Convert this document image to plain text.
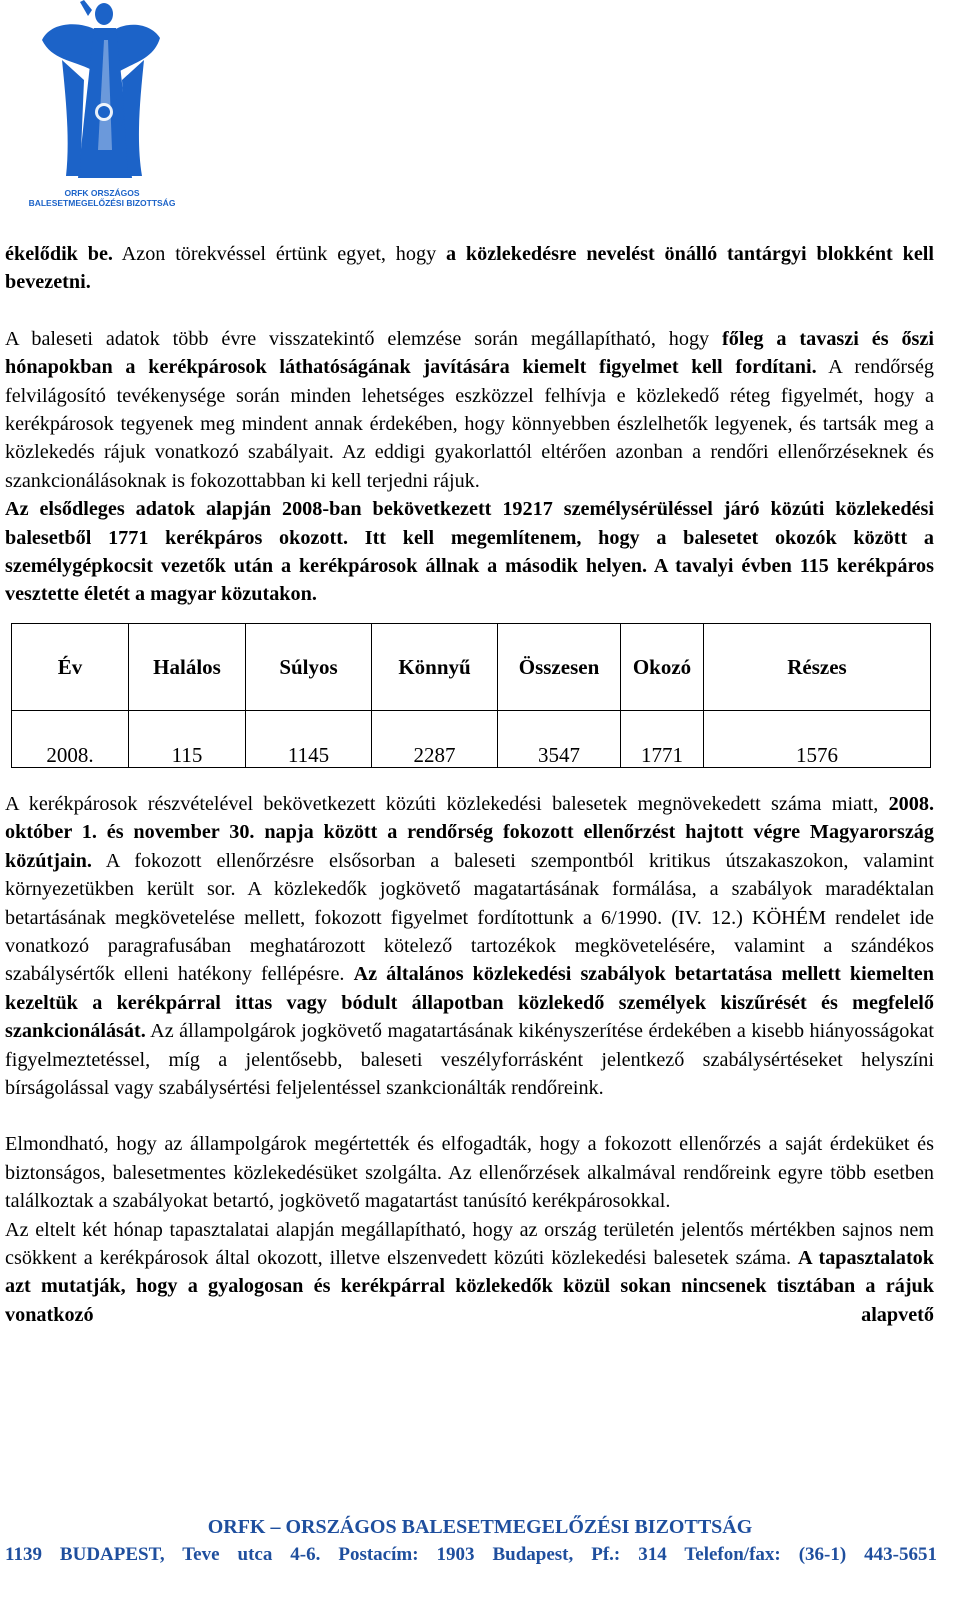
ORFK ORSZÁGOS
BALESETMEGELŐZÉSI BIZOTTSÁG

ékelődik be. Azon törekvéssel értünk egyet, hogy a közlekedésre nevelést önálló tantárgyi blokként kell bevezetni.

A baleseti adatok több évre visszatekintő elemzése során megállapítható, hogy főleg a tavaszi és őszi hónapokban a kerékpárosok láthatóságának javítására kiemelt figyelmet kell fordítani. A rendőrség felvilágosító tevékenysége során minden lehetséges eszközzel felhívja e közlekedő réteg figyelmét, hogy a kerékpárosok tegyenek meg mindent annak érdekében, hogy könnyebben észlelhetők legyenek, és tartsák meg a közlekedés rájuk vonatkozó szabályait. Az eddigi gyakorlattól eltérően azonban a rendőri ellenőrzéseknek és szankcionálásoknak is fokozottabban ki kell terjedni rájuk.

Az elsődleges adatok alapján 2008-ban bekövetkezett 19217 személysérüléssel járó közúti közlekedési balesetből 1771 kerékpáros okozott. Itt kell megemlítenem, hogy a balesetet okozók között a személygépkocsit vezetők után a kerékpárosok állnak a második helyen. A tavalyi évben 115 kerékpáros vesztette életét a magyar közutakon.

Év	Halálos	Súlyos	Könnyű	Összesen	Okozó	Részes
2008.	115	1145	2287	3547	1771	1576

A kerékpárosok részvételével bekövetkezett közúti közlekedési balesetek megnövekedett száma miatt, 2008. október 1. és november 30. napja között a rendőrség fokozott ellenőrzést hajtott végre Magyarország közútjain. A fokozott ellenőrzésre elsősorban a baleseti szempontból kritikus útszakaszokon, valamint környezetükben került sor. A közlekedők jogkövető magatartásának formálása, a szabályok maradéktalan betartásának megkövetelése mellett, fokozott figyelmet fordítottunk a 6/1990. (IV. 12.) KÖHÉM rendelet ide vonatkozó paragrafusában meghatározott kötelező tartozékok megkövetelésére, valamint a szándékos szabálysértők elleni hatékony fellépésre. Az általános közlekedési szabályok betartatása mellett kiemelten kezeltük a kerékpárral ittas vagy bódult állapotban közlekedő személyek kiszűrését és megfelelő szankcionálását. Az állampolgárok jogkövető magatartásának kikényszerítése érdekében a kisebb hiányosságokat figyelmeztetéssel, míg a jelentősebb, baleseti veszélyforrásként jelentkező szabálysértéseket helyszíni bírságolással vagy szabálysértési feljelentéssel szankcionálták rendőreink.

Elmondható, hogy az állampolgárok megértették és elfogadták, hogy a fokozott ellenőrzés a saját érdeküket és biztonságos, balesetmentes közlekedésüket szolgálta. Az ellenőrzések alkalmával rendőreink egyre több esetben találkoztak a szabályokat betartó, jogkövető magatartást tanúsító kerékpárosokkal.

Az eltelt két hónap tapasztalatai alapján megállapítható, hogy az ország területén jelentős mértékben sajnos nem csökkent a kerékpárosok által okozott, illetve elszenvedett közúti közlekedési balesetek száma. A tapasztalatok azt mutatják, hogy a gyalogosan és kerékpárral közlekedők közül sokan nincsenek tisztában a rájuk vonatkozó alapvető

ORFK – ORSZÁGOS BALESETMEGELŐZÉSI BIZOTTSÁG
1139 BUDAPEST, Teve utca 4-6. Postacím: 1903 Budapest, Pf.: 314 Telefon/fax: (36-1) 443-5651
